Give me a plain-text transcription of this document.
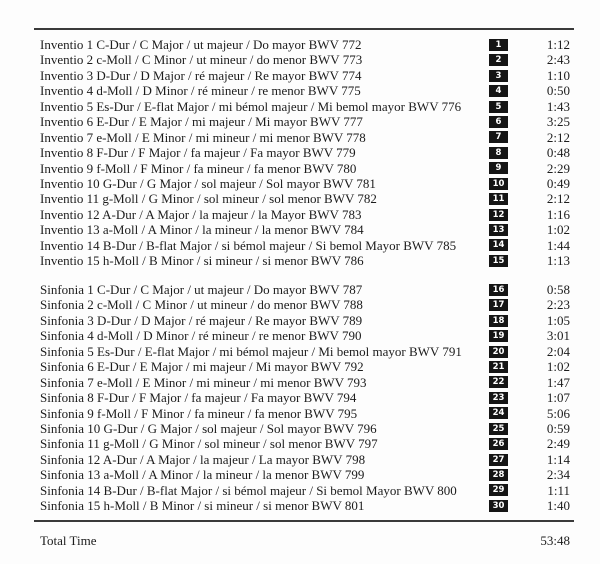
Inventio 1 C-Dur / C Major / ut majeur / Do mayor BWV 772	1	1:12
Inventio 2 c-Moll / C Minor / ut mineur / do menor BWV 773	2	2:43
Inventio 3 D-Dur / D Major / ré majeur / Re mayor BWV 774	3	1:10
Inventio 4 d-Moll / D Minor / ré mineur / re menor BWV 775	4	0:50
Inventio 5 Es-Dur / E-flat Major / mi bémol majeur / Mi bemol mayor BWV 776	5	1:43
Inventio 6 E-Dur / E Major / mi majeur / Mi mayor BWV 777	6	3:25
Inventio 7 e-Moll / E Minor / mi mineur / mi menor BWV 778	7	2:12
Inventio 8 F-Dur / F Major / fa majeur / Fa mayor BWV 779	8	0:48
Inventio 9 f-Moll / F Minor / fa mineur / fa menor BWV 780	9	2:29
Inventio 10 G-Dur / G Major / sol majeur / Sol mayor BWV 781	10	0:49
Inventio 11 g-Moll / G Minor / sol mineur / sol menor BWV 782	11	2:12
Inventio 12 A-Dur / A Major / la majeur / la Mayor BWV 783	12	1:16
Inventio 13 a-Moll / A Minor / la mineur / la menor BWV 784	13	1:02
Inventio 14 B-Dur / B-flat Major / si bémol majeur / Si bemol Mayor BWV 785	14	1:44
Inventio 15 h-Moll / B Minor / si mineur / si menor BWV 786	15	1:13
Sinfonia 1 C-Dur / C Major / ut majeur / Do mayor BWV 787	16	0:58
Sinfonia 2 c-Moll / C Minor / ut mineur / do menor BWV 788	17	2:23
Sinfonia 3 D-Dur / D Major / ré majeur / Re mayor BWV 789	18	1:05
Sinfonia 4 d-Moll / D Minor / ré mineur / re menor BWV 790	19	3:01
Sinfonia 5 Es-Dur / E-flat Major / mi bémol majeur / Mi bemol mayor BWV 791	20	2:04
Sinfonia 6 E-Dur / E Major / mi majeur / Mi mayor BWV 792	21	1:02
Sinfonia 7 e-Moll / E Minor / mi mineur / mi menor BWV 793	22	1:47
Sinfonia 8 F-Dur / F Major / fa majeur / Fa mayor BWV 794	23	1:07
Sinfonia 9 f-Moll / F Minor / fa mineur / fa menor BWV 795	24	5:06
Sinfonia 10 G-Dur / G Major / sol majeur / Sol mayor BWV 796	25	0:59
Sinfonia 11 g-Moll / G Minor / sol mineur / sol menor BWV 797	26	2:49
Sinfonia 12 A-Dur / A Major / la majeur / La mayor BWV 798	27	1:14
Sinfonia 13 a-Moll / A Minor / la mineur / la menor BWV 799	28	2:34
Sinfonia 14 B-Dur / B-flat Major / si bémol majeur / Si bemol Mayor BWV 800	29	1:11
Sinfonia 15 h-Moll / B Minor / si mineur / si menor BWV 801	30	1:40
Total Time	53:48
